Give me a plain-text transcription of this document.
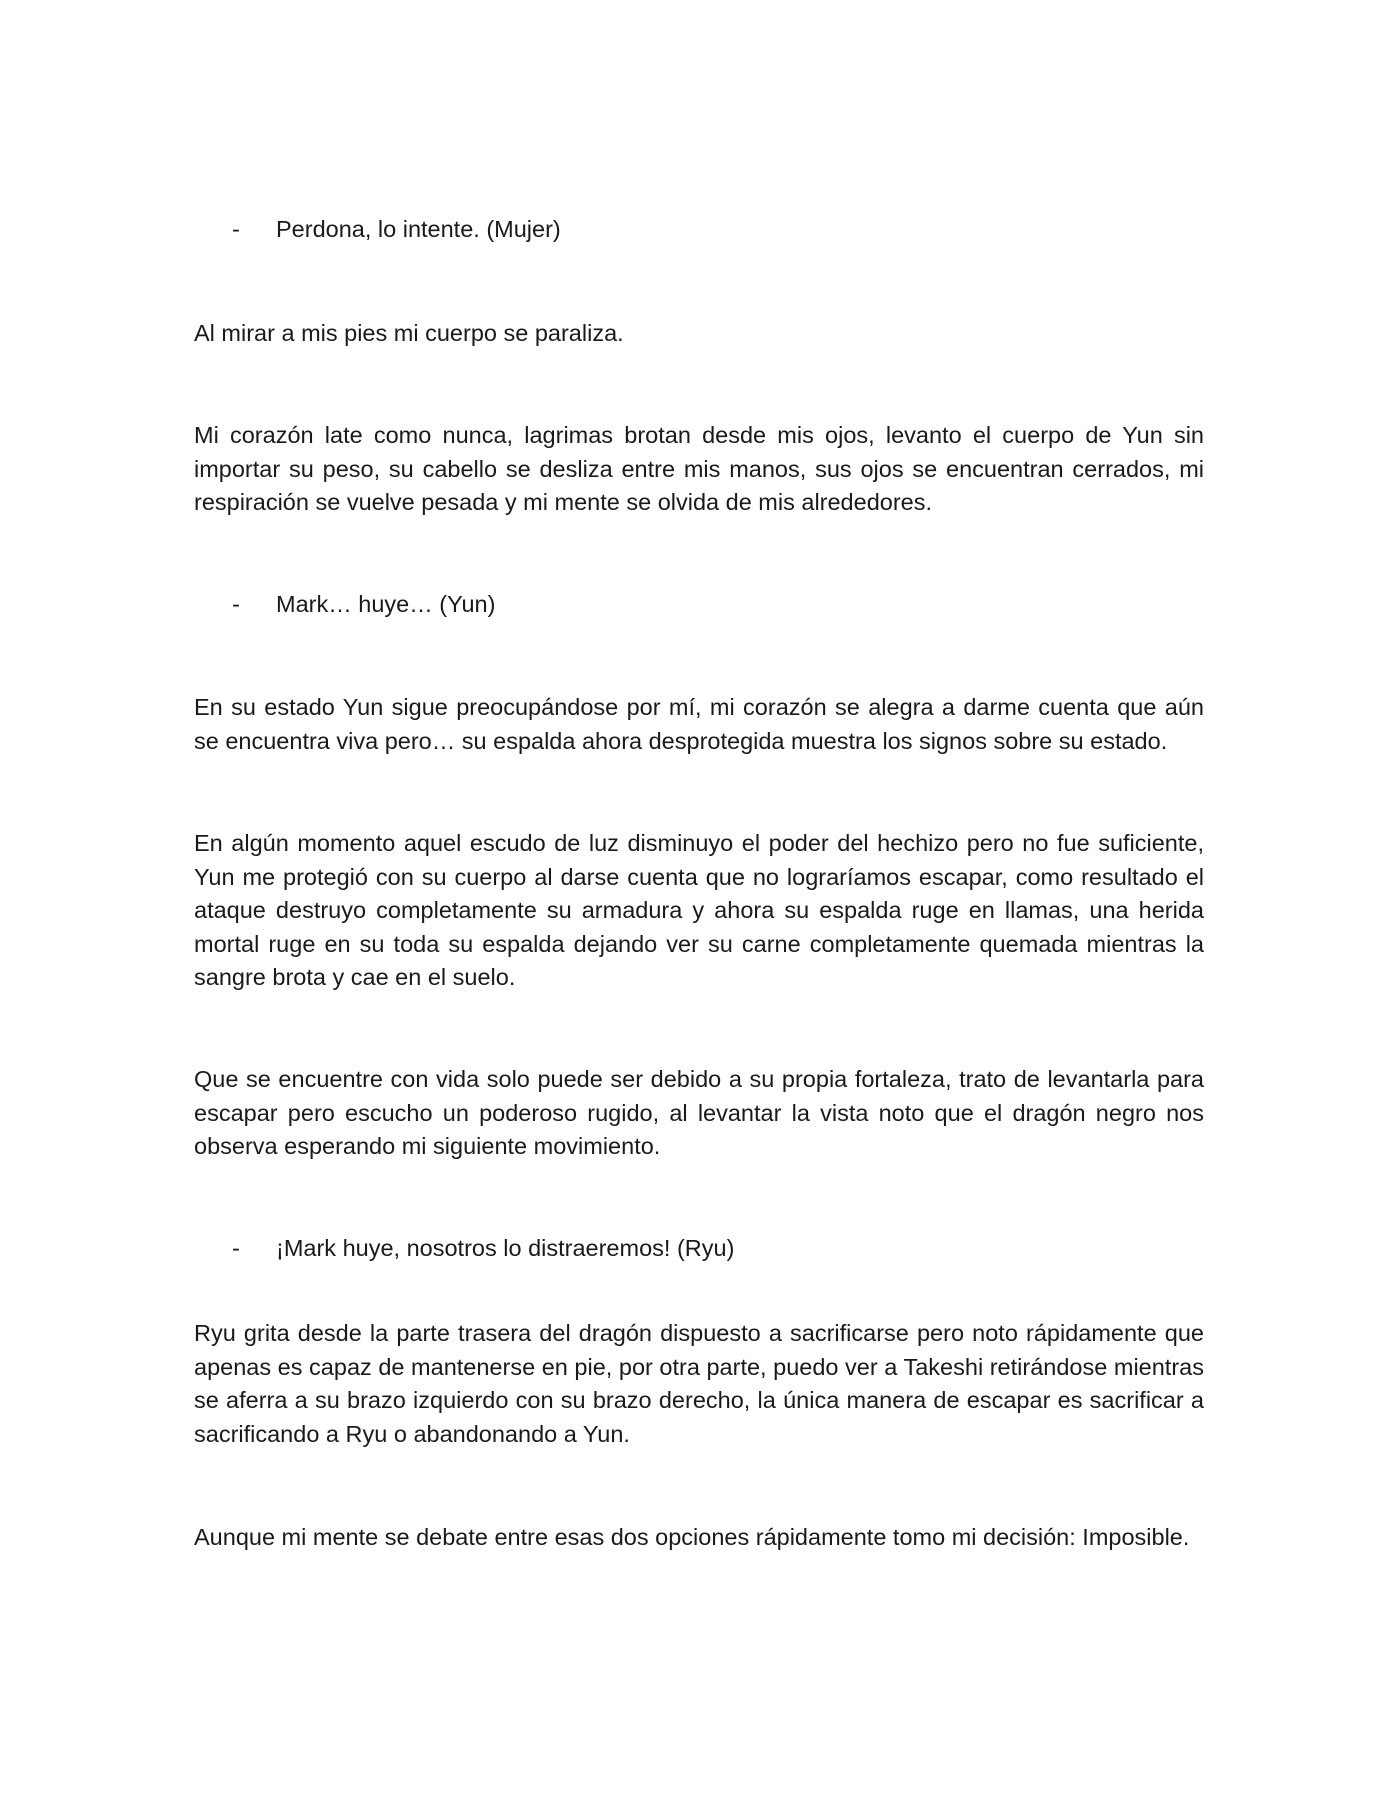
- Perdona, lo intente. (Mujer)

Al mirar a mis pies mi cuerpo se paraliza.

Mi corazón late como nunca, lagrimas brotan desde mis ojos, levanto el cuerpo de Yun sin importar su peso, su cabello se desliza entre mis manos, sus ojos se encuentran cerrados, mi respiración se vuelve pesada y mi mente se olvida de mis alrededores.

- Mark… huye… (Yun)

En su estado Yun sigue preocupándose por mí, mi corazón se alegra a darme cuenta que aún se encuentra viva pero… su espalda ahora desprotegida muestra los signos sobre su estado.

En algún momento aquel escudo de luz disminuyo el poder del hechizo pero no fue suficiente, Yun me protegió con su cuerpo al darse cuenta que no lograríamos escapar, como resultado el ataque destruyo completamente su armadura y ahora su espalda ruge en llamas, una herida mortal ruge en su toda su espalda dejando ver su carne completamente quemada mientras la sangre brota y cae en el suelo.

Que se encuentre con vida solo puede ser debido a su propia fortaleza, trato de levantarla para escapar pero escucho un poderoso rugido, al levantar la vista noto que el dragón negro nos observa esperando mi siguiente movimiento.

- ¡Mark huye, nosotros lo distraeremos! (Ryu)

Ryu grita desde la parte trasera del dragón dispuesto a sacrificarse pero noto rápidamente que apenas es capaz de mantenerse en pie, por otra parte, puedo ver a Takeshi retirándose mientras se aferra a su brazo izquierdo con su brazo derecho, la única manera de escapar es sacrificar a sacrificando a Ryu o abandonando a Yun.

Aunque mi mente se debate entre esas dos opciones rápidamente tomo mi decisión: Imposible.
